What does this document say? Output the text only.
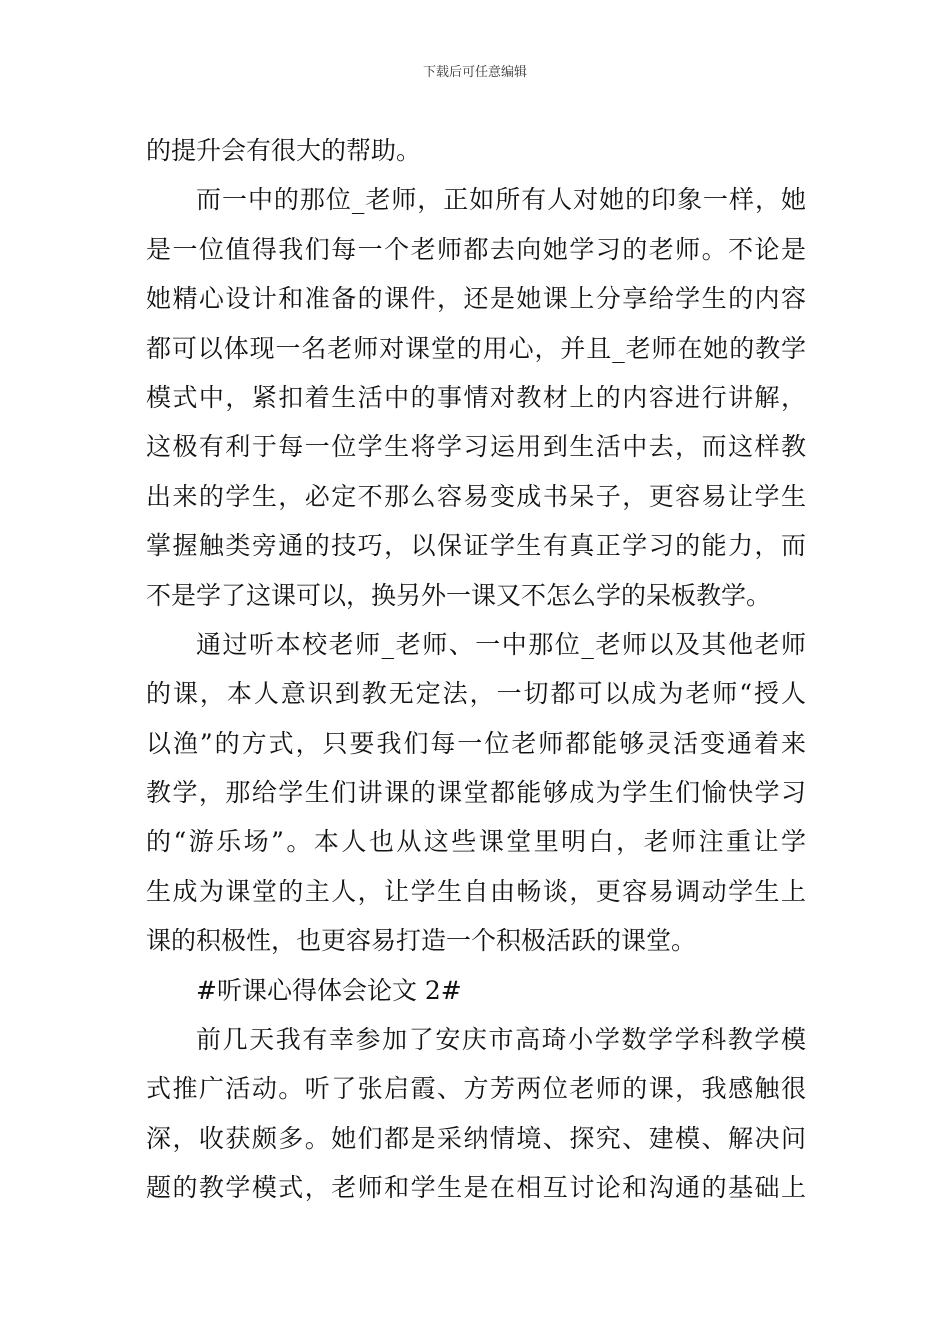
下载后可任意编辑
的提升会有很大的帮助。
而一中的那位_老师，正如所有人对她的印象一样，她
是一位值得我们每一个老师都去向她学习的老师。不论是
她精心设计和准备的课件，还是她课上分享给学生的内容
都可以体现一名老师对课堂的用心，并且_老师在她的教学
模式中，紧扣着生活中的事情对教材上的内容进行讲解，
这极有利于每一位学生将学习运用到生活中去，而这样教
出来的学生，必定不那么容易变成书呆子，更容易让学生
掌握触类旁通的技巧，以保证学生有真正学习的能力，而
不是学了这课可以，换另外一课又不怎么学的呆板教学。
通过听本校老师_老师、一中那位_老师以及其他老师
的课，本人意识到教无定法，一切都可以成为老师“授人
以渔”的方式，只要我们每一位老师都能够灵活变通着来
教学，那给学生们讲课的课堂都能够成为学生们愉快学习
的“游乐场”。本人也从这些课堂里明白，老师注重让学
生成为课堂的主人，让学生自由畅谈，更容易调动学生上
课的积极性，也更容易打造一个积极活跃的课堂。
#听课心得体会论文 2#
前几天我有幸参加了安庆市高琦小学数学学科教学模
式推广活动。听了张启霞、方芳两位老师的课，我感触很
深，收获颇多。她们都是采纳情境、探究、建模、解决问
题的教学模式，老师和学生是在相互讨论和沟通的基础上
